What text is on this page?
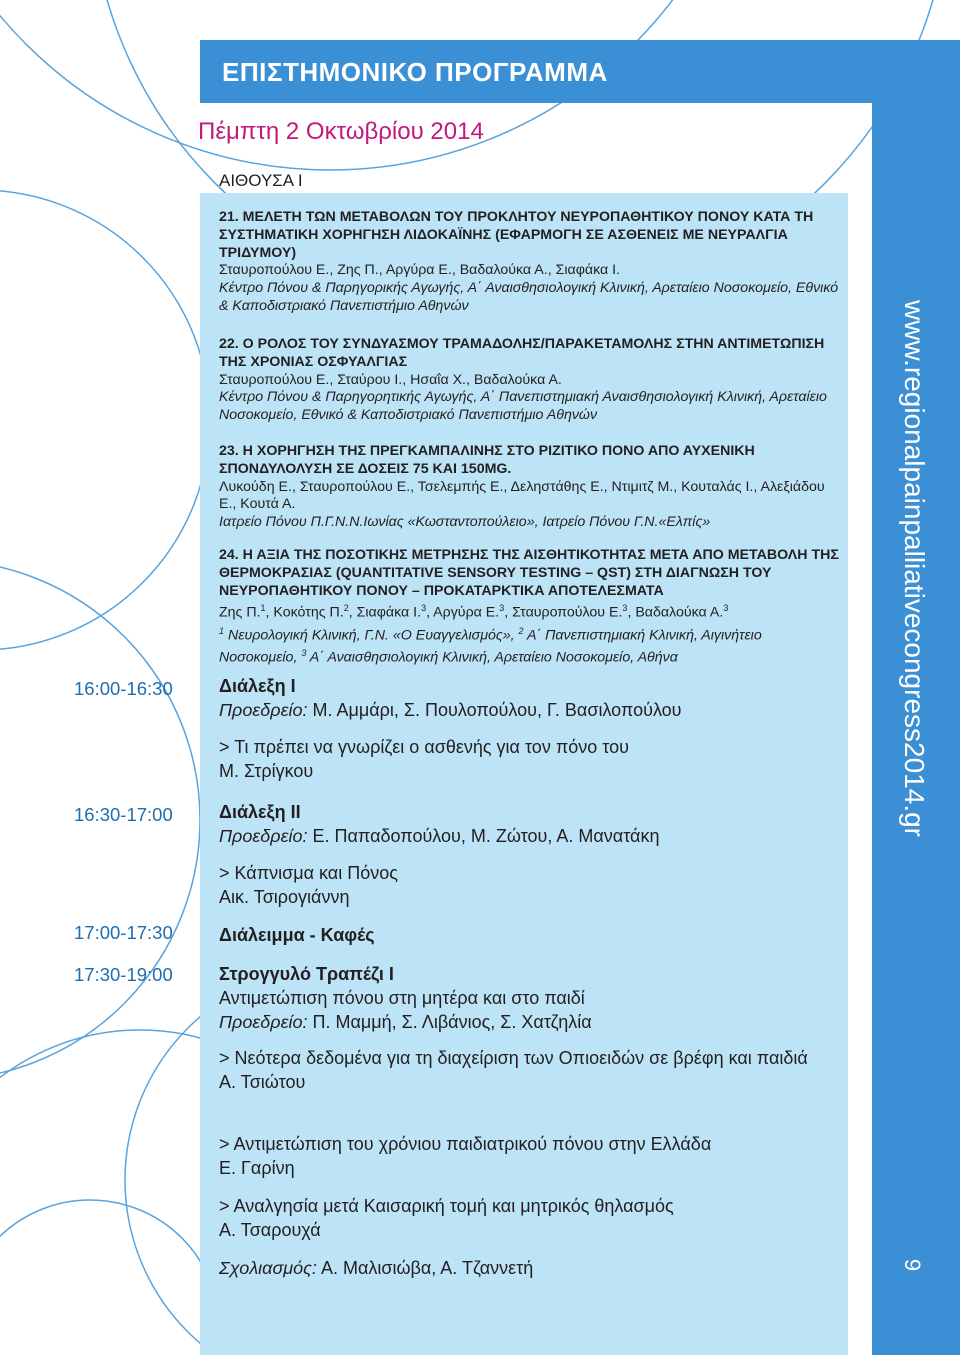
ΕΠΙΣΤΗΜΟΝΙΚΟ ΠΡΟΓΡΑΜΜΑ
Πέμπτη 2 Οκτωβρίου 2014
www.regionalpainpalliativecongress2014.gr
9
ΑΙΘΟΥΣΑ Ι
21. ΜΕΛΕΤΗ ΤΩΝ ΜΕΤΑΒΟΛΩΝ ΤΟΥ ΠΡΟΚΛΗΤΟΥ ΝΕΥΡΟΠΑΘΗΤΙΚΟΥ ΠΟΝΟΥ ΚΑΤΑ ΤΗ ΣΥΣΤΗΜΑΤΙΚΗ ΧΟΡΗΓΗΣΗ ΛΙΔΟΚΑΪΝΗΣ (ΕΦΑΡΜΟΓΗ ΣΕ ΑΣΘΕΝΕΙΣ ΜΕ ΝΕΥΡΑΛΓΙΑ ΤΡΙΔΥΜΟΥ)
Σταυροπούλου Ε., Ζης Π., Αργύρα Ε., Βαδαλούκα Α., Σιαφάκα Ι.
Κέντρο Πόνου & Παρηγορικής Αγωγής, Α΄ Αναισθησιολογική Κλινική, Αρεταίειο Νοσοκομείο, Εθνικό & Καποδιστριακό Πανεπιστήμιο Αθηνών
22. Ο ΡΟΛΟΣ ΤΟΥ ΣΥΝΔΥΑΣΜΟΥ ΤΡΑΜΑΔΟΛΗΣ/ΠΑΡΑΚΕΤΑΜΟΛΗΣ ΣΤΗΝ ΑΝΤΙΜΕΤΩΠΙΣΗ ΤΗΣ ΧΡΟΝΙΑΣ ΟΣΦΥΑΛΓΙΑΣ
Σταυροπούλου Ε., Σταύρου Ι., Ησαΐα Χ., Βαδαλούκα Α.
Κέντρο Πόνου & Παρηγορητικής Αγωγής, Α΄ Πανεπιστημιακή Αναισθησιολογική Κλινική, Αρεταίειο Νοσοκομείο, Εθνικό & Καποδιστριακό Πανεπιστήμιο Αθηνών
23. Η ΧΟΡΗΓΗΣΗ ΤΗΣ ΠΡΕΓΚΑΜΠΑΛΙΝΗΣ ΣΤΟ ΡΙΖΙΤΙΚΟ ΠΟΝΟ ΑΠΟ ΑΥΧΕΝΙΚΗ ΣΠΟΝΔΥΛΟΛΥΣΗ ΣΕ ΔΟΣΕΙΣ 75 ΚΑΙ 150MG.
Λυκούδη Ε., Σταυροπούλου Ε., Τσελεμπής Ε., Δεληστάθης Ε., Ντιμιτζ Μ., Κουταλάς Ι., Αλεξιάδου Ε., Κουτά Α.
Ιατρείο Πόνου Π.Γ.Ν.Ν.Ιωνίας «Κωσταντοπούλειο», Ιατρείο Πόνου Γ.Ν.«Ελπίς»
24. Η ΑΞΙΑ ΤΗΣ ΠΟΣΟΤΙΚΗΣ ΜΕΤΡΗΣΗΣ ΤΗΣ ΑΙΣΘΗΤΙΚΟΤΗΤΑΣ ΜΕΤΑ ΑΠΟ ΜΕΤΑΒΟΛΗ ΤΗΣ ΘΕΡΜΟΚΡΑΣΙΑΣ (QUANTITATIVE SENSORY TESTING – QST) ΣΤΗ ΔΙΑΓΝΩΣΗ ΤΟΥ ΝΕΥΡΟΠΑΘΗΤΙΚΟΥ ΠΟΝΟΥ – ΠΡΟΚΑΤΑΡΚΤΙΚΑ ΑΠΟΤΕΛΕΣΜΑΤΑ
Ζης Π.$^1$, Κοκότης Π.$^2$, Σιαφάκα Ι.$^3$, Αργύρα Ε.$^3$, Σταυροπούλου Ε.$^3$, Βαδαλούκα Α.$^3$
$^1$ Νευρολογική Κλινική, Γ.Ν. «Ο Ευαγγελισμός», $^2$ Α΄ Πανεπιστημιακή Κλινική, Αιγινήτειο Νοσοκομείο, $^3$ Α΄ Αναισθησιολογική Κλινική, Αρεταίειο Νοσοκομείο, Αθήνα
16:00-16:30	Διάλεξη Ι
Προεδρείο: Μ. Αμμάρι, Σ. Πουλοπούλου, Γ. Βασιλοπούλου
> Τι πρέπει να γνωρίζει ο ασθενής για τον πόνο του
Μ. Στρίγκου
16:30-17:00	Διάλεξη ΙΙ
Προεδρείο: Ε. Παπαδοπούλου, Μ. Ζώτου, Α. Μανατάκη
> Κάπνισμα και Πόνος
Αικ. Τσιρογιάννη
17:00-17:30	Διάλειμμα - Καφές
17:30-19:00	Στρογγυλό Τραπέζι Ι
Αντιμετώπιση πόνου στη μητέρα και στο παιδί
Προεδρείο: Π. Μαμμή, Σ. Λιβάνιος, Σ. Χατζηλία
> Νεότερα δεδομένα για τη διαχείριση των Οπιοειδών σε βρέφη και παιδιά
Α. Τσιώτου
> Αντιμετώπιση του χρόνιου παιδιατρικού πόνου στην Ελλάδα
Ε. Γαρίνη
> Αναλγησία μετά Καισαρική τομή και μητρικός θηλασμός
Α. Τσαρουχά
Σχολιασμός: Α. Μαλισιώβα, Α. Τζαννετή
